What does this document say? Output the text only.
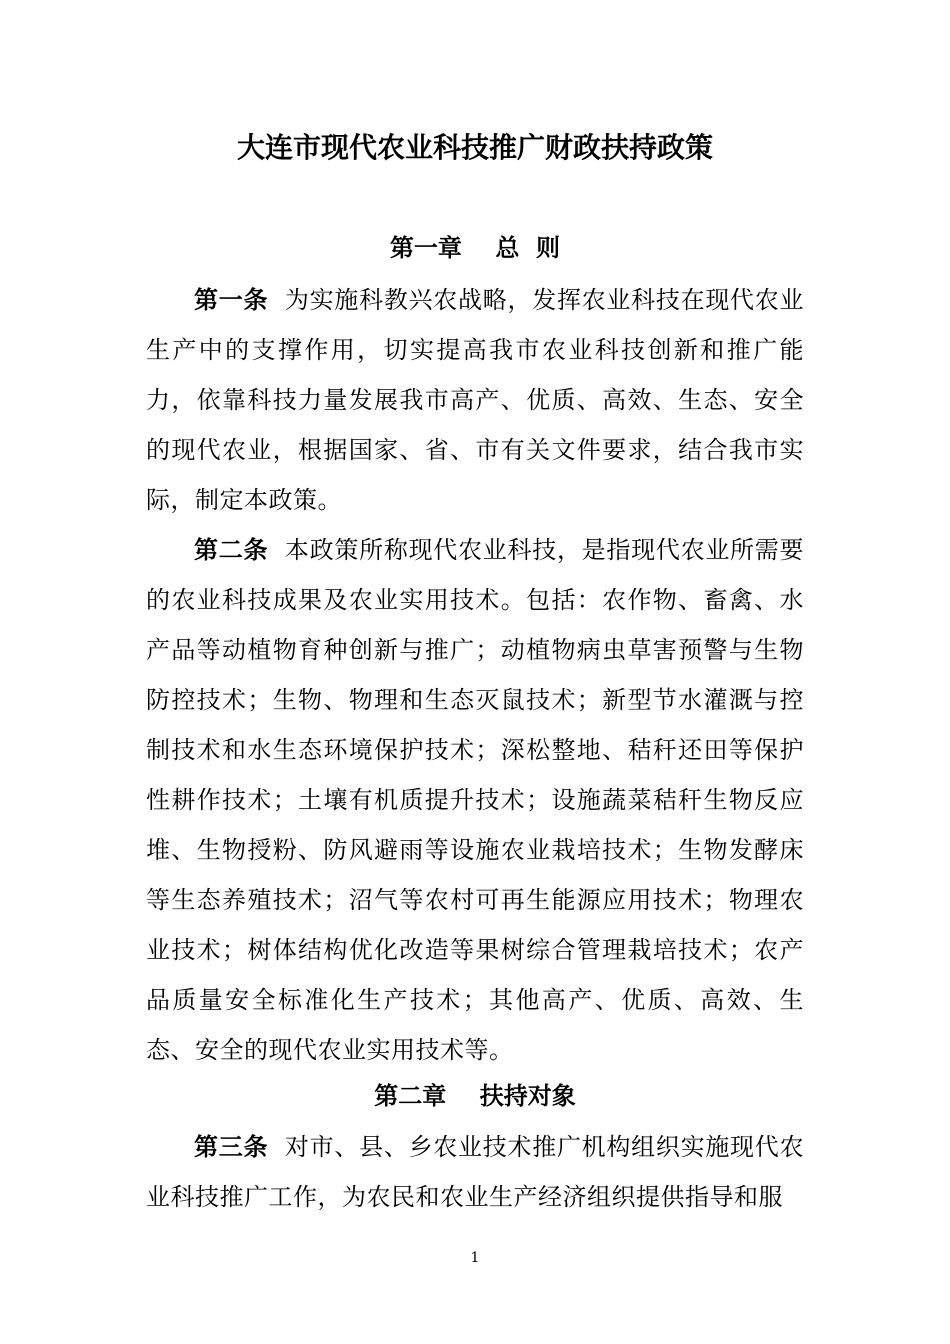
大连市现代农业科技推广财政扶持政策
第一章    总  则

第一条 为实施科教兴农战略，发挥农业科技在现代农业生产中的支撑作用，切实提高我市农业科技创新和推广能力，依靠科技力量发展我市高产、优质、高效、生态、安全的现代农业，根据国家、省、市有关文件要求，结合我市实际，制定本政策。

第二条 本政策所称现代农业科技，是指现代农业所需要的农业科技成果及农业实用技术。包括：农作物、畜禽、水产品等动植物育种创新与推广；动植物病虫草害预警与生物防控技术；生物、物理和生态灭鼠技术；新型节水灌溉与控制技术和水生态环境保护技术；深松整地、秸秆还田等保护性耕作技术；土壤有机质提升技术；设施蔬菜秸秆生物反应堆、生物授粉、防风避雨等设施农业栽培技术；生物发酵床等生态养殖技术；沼气等农村可再生能源应用技术；物理农业技术；树体结构优化改造等果树综合管理栽培技术；农产品质量安全标准化生产技术；其他高产、优质、高效、生态、安全的现代农业实用技术等。

第二章    扶持对象

第三条 对市、县、乡农业技术推广机构组织实施现代农业科技推广工作，为农民和农业生产经济组织提供指导和服

1
